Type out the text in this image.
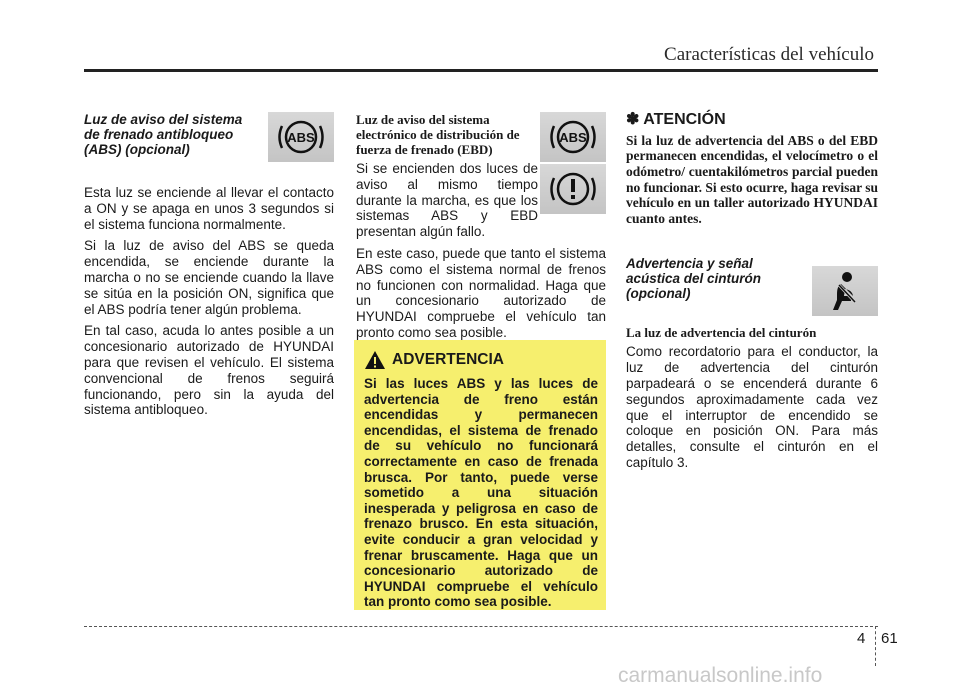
Características del vehículo

Luz de aviso del sistema de frenado antibloqueo (ABS) (opcional)

Esta luz se enciende al llevar el contacto a ON y se apaga en unos 3 segundos si el sistema funciona normalmente.

Si la luz de aviso del ABS se queda encendida, se enciende durante la marcha o no se enciende cuando la llave se sitúa en la posición ON, significa que el ABS podría tener algún problema.

En tal caso, acuda lo antes posible a un concesionario autorizado de HYUNDAI para que revisen el vehículo. El sistema convencional de frenos seguirá funcionando, pero sin la ayuda del sistema antibloqueo.

ABS

Luz de aviso del sistema electrónico de distribución de fuerza de frenado (EBD)

Si se encienden dos luces de aviso al mismo tiempo durante la marcha, es que los sistemas ABS y EBD presentan algún fallo.

En este caso, puede que tanto el sistema ABS como el sistema normal de frenos no funcionen con normalidad. Haga que un concesionario autorizado de HYUNDAI compruebe el vehículo tan pronto como sea posible.

ABS
ADVERTENCIA

Si las luces ABS y las luces de advertencia de freno están encendidas y permanecen encendidas, el sistema de frenado de su vehículo no funcionará correctamente en caso de frenada brusca. Por tanto, puede verse sometido a una situación inesperada y peligrosa en caso de frenazo brusco. En esta situación, evite conducir a gran velocidad y frenar bruscamente. Haga que un concesionario autorizado de HYUNDAI compruebe el vehículo tan pronto como sea posible.

✽ ATENCIÓN

Si la luz de advertencia del ABS o del EBD permanecen encendidas, el velocímetro o el odómetro/ cuentakilómetros parcial pueden no funcionar. Si esto ocurre, haga revisar su vehículo en un taller autorizado HYUNDAI cuanto antes.

Advertencia y señal acústica del cinturón (opcional)

La luz de advertencia del cinturón

Como recordatorio para el conductor, la luz de advertencia del cinturón parpadeará o se encenderá durante 6 segundos aproximadamente cada vez que el interruptor de encendido se coloque en posición ON. Para más detalles, consulte el cinturón en el capítulo 3.

4 61
carmanualsonline.info
